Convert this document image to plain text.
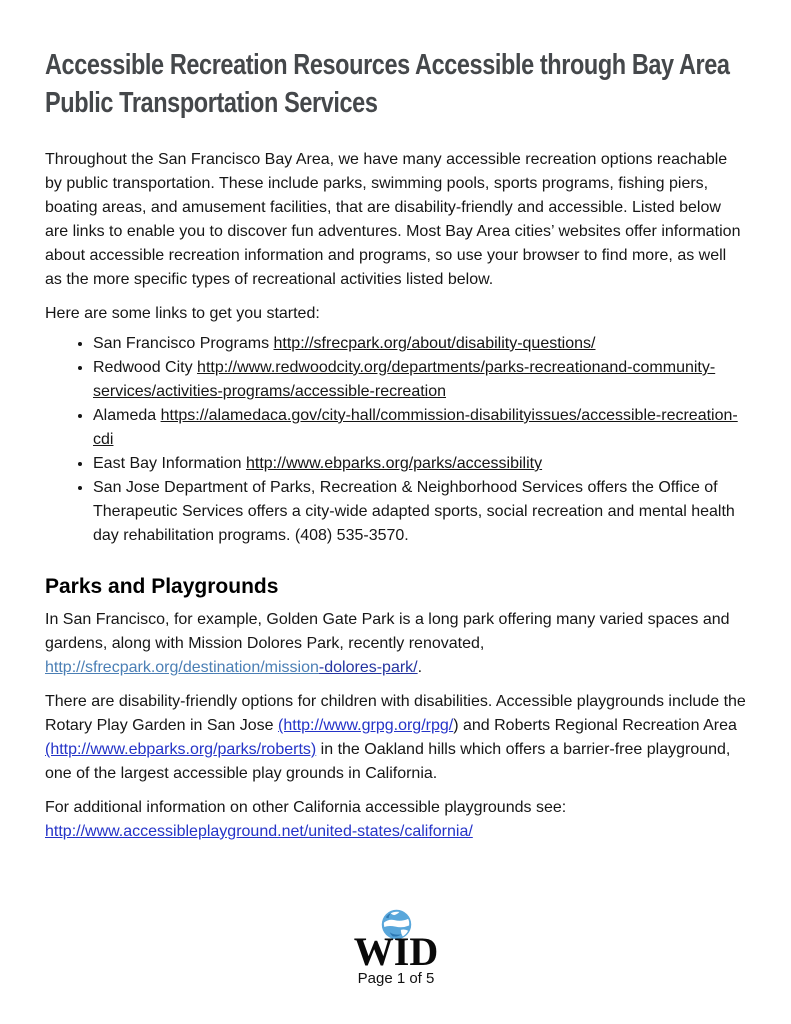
Accessible Recreation Resources Accessible through Bay Area Public Transportation Services

Throughout the San Francisco Bay Area, we have many accessible recreation options reachable by public transportation. These include parks, swimming pools, sports programs, fishing piers, boating areas, and amusement facilities, that are disability-friendly and accessible. Listed below are links to enable you to discover fun adventures. Most Bay Area cities’ websites offer information about accessible recreation information and programs, so use your browser to find more, as well as the more specific types of recreational activities listed below.

Here are some links to get you started:

• San Francisco Programs http://sfrecpark.org/about/disability-questions/
• Redwood City http://www.redwoodcity.org/departments/parks-recreationand-community-services/activities-programs/accessible-recreation
• Alameda https://alamedaca.gov/city-hall/commission-disabilityissues/accessible-recreation-cdi
• East Bay Information http://www.ebparks.org/parks/accessibility
• San Jose Department of Parks, Recreation & Neighborhood Services offers the Office of Therapeutic Services offers a city-wide adapted sports, social recreation and mental health day rehabilitation programs. (408) 535-3570.
Parks and Playgrounds

In San Francisco, for example, Golden Gate Park is a long park offering many varied spaces and gardens, along with Mission Dolores Park, recently renovated, http://sfrecpark.org/destination/mission-dolores-park/.

There are disability-friendly options for children with disabilities. Accessible playgrounds include the Rotary Play Garden in San Jose (http://www.grpg.org/rpg/) and Roberts Regional Recreation Area (http://www.ebparks.org/parks/roberts) in the Oakland hills which offers a barrier-free playground, one of the largest accessible play grounds in California.

For additional information on other California accessible playgrounds see: http://www.accessibleplayground.net/united-states/california/

WID
Page 1 of 5
